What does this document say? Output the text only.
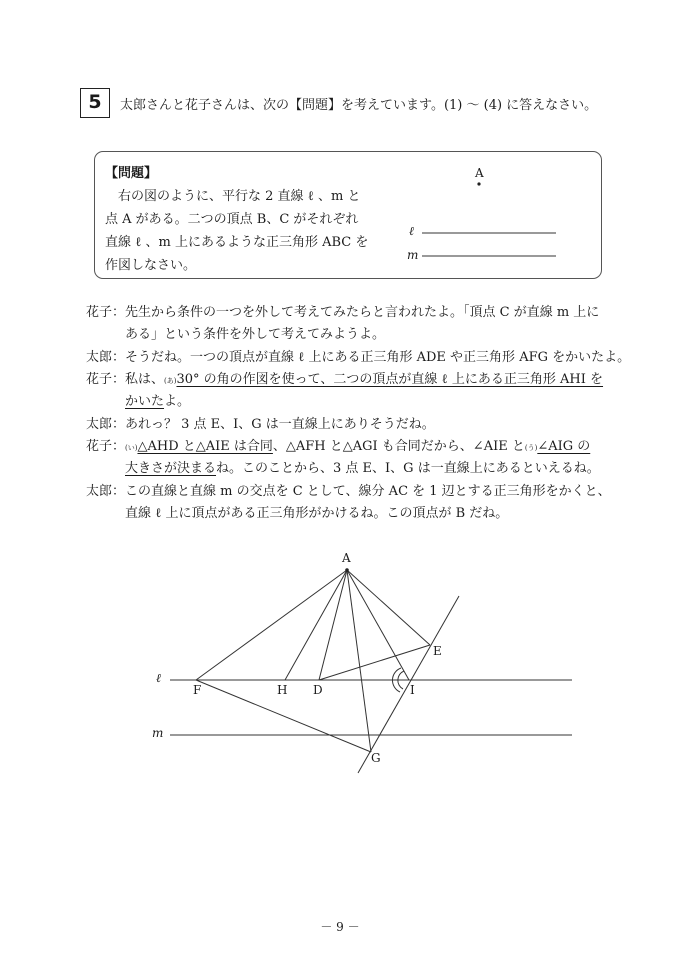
5	太郎さんと花子さんは、次の【問題】を考えています。(1) ～ (4) に答えなさい。
【問題】
右の図のように、平行な 2 直線 ℓ 、m と
点 A がある。二つの頂点 B、C がそれぞれ
直線 ℓ 、m 上にあるような正三角形 ABC を
作図しなさい。
A
ℓ
m
花子： 先生から条件の一つを外して考えてみたらと言われたよ。「頂点 C が直線 m 上に
ある」という条件を外して考えてみようよ。
太郎： そうだね。一つの頂点が直線 ℓ 上にある正三角形 ADE や正三角形 AFG をかいたよ。
花子： 私は、(あ)30° の角の作図を使って、二つの頂点が直線 ℓ 上にある正三角形 AHI を
かいたよ。
太郎： あれっ？ 3 点 E、I、G は一直線上にありそうだね。
花子： (い)△AHD と△AIE は合同、△AFH と△AGI も合同だから、∠AIE と(う)∠AIG の
大きさが決まるね。このことから、3 点 E、I、G は一直線上にあるといえるね。
太郎： この直線と直線 m の交点を C として、線分 AC を 1 辺とする正三角形をかくと、
直線 ℓ 上に頂点がある正三角形がかけるね。この頂点が B だね。
A
E
F	H D	I
G
ℓ
m
－ 9 －
